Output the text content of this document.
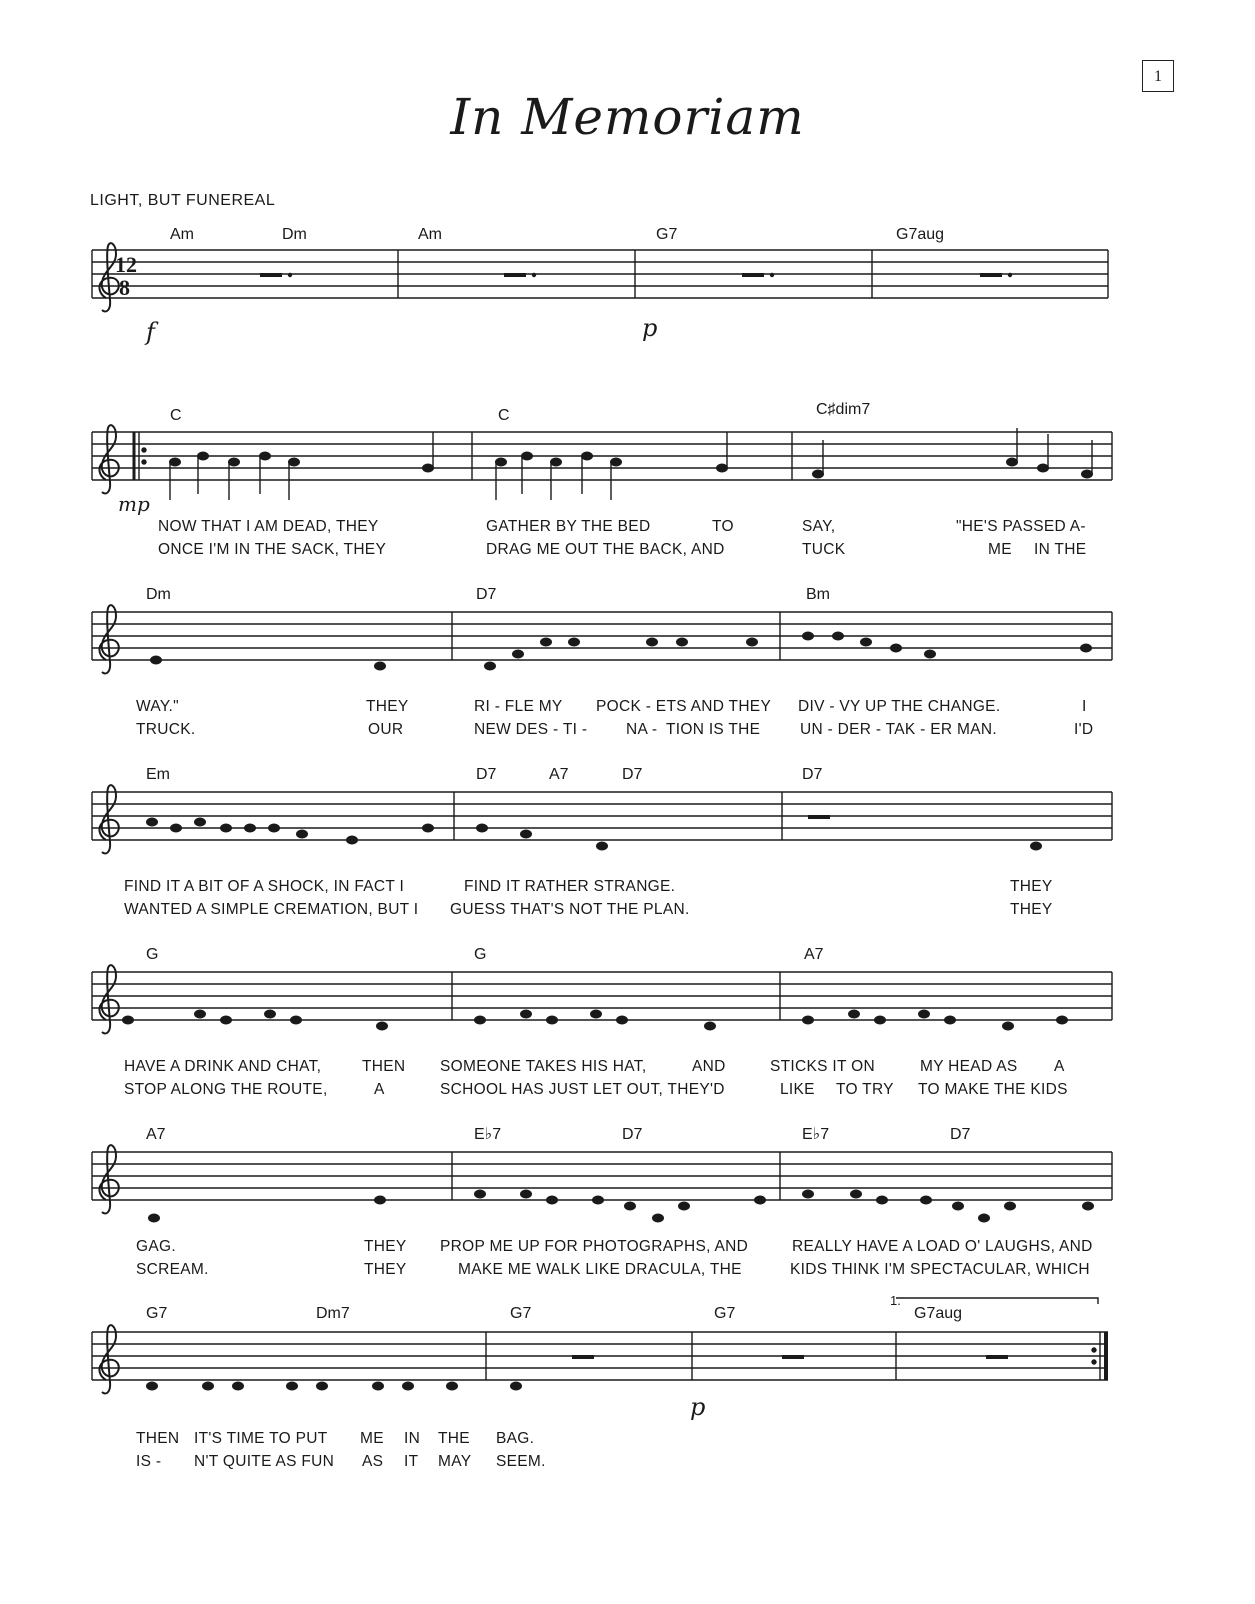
1
In Memoriam
LIGHT, BUT FUNEREAL
Am	Dm	Am	G7	G7aug
f	p
C	C	C♯dim7
mp
NOW THAT I AM DEAD, THEY	GATHER BY THE BED	TO	SAY,	"HE'S PASSED A-
ONCE I'M IN THE SACK, THEY	DRAG ME OUT THE BACK, AND	TUCK	ME IN THE
Dm	D7	Bm
WAY."	THEY	RI - FLE MY POCK - ETS AND THEY DIV - VY UP THE CHANGE.	I
TRUCK.	OUR	NEW DES - TI - NA - TION IS THE	UN - DER - TAK - ER MAN.	I'D
Em	D7	A7	D7	D7
FIND IT A BIT OF A SHOCK, IN FACT I	FIND IT RATHER STRANGE.	THEY
WANTED A SIMPLE CREMATION, BUT I GUESS THAT'S NOT THE PLAN.	THEY
G	G	A7
HAVE A DRINK AND CHAT,	THEN SOMEONE TAKES HIS HAT,	AND	STICKS IT ON	MY HEAD AS A
STOP ALONG THE ROUTE,	A	SCHOOL HAS JUST LET OUT, THEY'D	LIKE TO TRY TO MAKE THE KIDS
A7	E♭7	D7	E♭7	D7
GAG.	THEY PROP ME UP FOR PHOTOGRAPHS, AND	REALLY HAVE A LOAD O' LAUGHS, AND
SCREAM.	THEY	MAKE ME WALK LIKE DRACULA, THE	KIDS THINK I'M SPECTACULAR, WHICH
G7	Dm7	G7	G7	G7aug
1.
p
THEN IT'S TIME TO PUT ME IN THE BAG.
IS - N'T QUITE AS FUN AS IT MAY SEEM.
12
8
